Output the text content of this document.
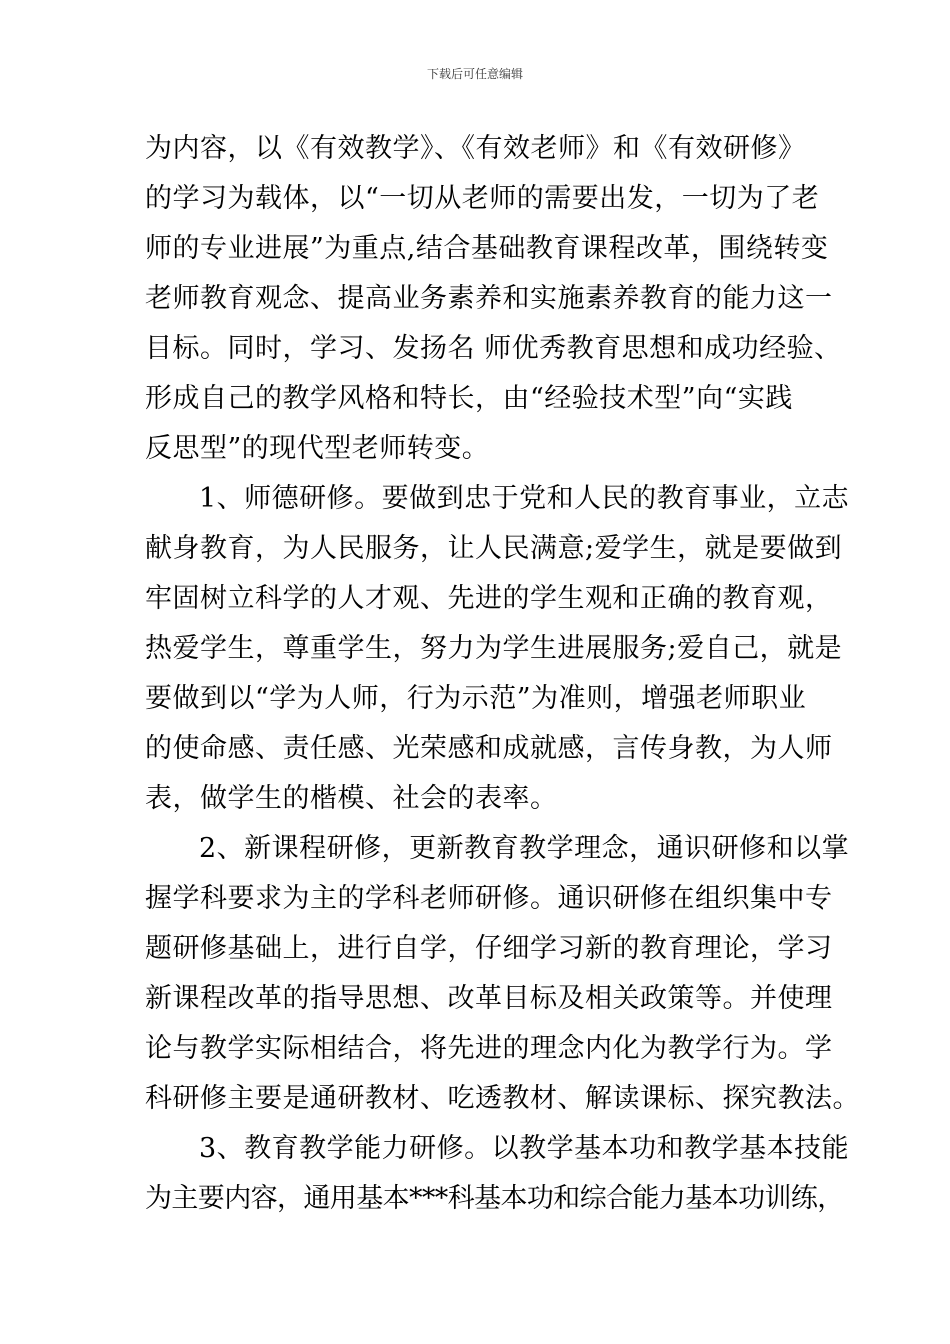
下载后可任意编辑
为内容，以《有效教学》、《有效老师》和《有效研修》
的学习为载体，以“一切从老师的需要出发，一切为了老
师的专业进展”为重点,结合基础教育课程改革，围绕转变
老师教育观念、提高业务素养和实施素养教育的能力这一
目标。同时，学习、发扬名 师优秀教育思想和成功经验、
形成自己的教学风格和特长，由“经验技术型”向“实践
反思型”的现代型老师转变。
1、师德研修。要做到忠于党和人民的教育事业，立志
献身教育，为人民服务，让人民满意;爱学生，就是要做到
牢固树立科学的人才观、先进的学生观和正确的教育观，
热爱学生，尊重学生，努力为学生进展服务;爱自己，就是
要做到以“学为人师，行为示范”为准则，增强老师职业
的使命感、责任感、光荣感和成就感，言传身教，为人师
表，做学生的楷模、社会的表率。
2、新课程研修，更新教育教学理念，通识研修和以掌
握学科要求为主的学科老师研修。通识研修在组织集中专
题研修基础上，进行自学，仔细学习新的教育理论，学习
新课程改革的指导思想、改革目标及相关政策等。并使理
论与教学实际相结合，将先进的理念内化为教学行为。学
科研修主要是通研教材、吃透教材、解读课标、探究教法。
3、教育教学能力研修。以教学基本功和教学基本技能
为主要内容，通用基本***科基本功和综合能力基本功训练，
